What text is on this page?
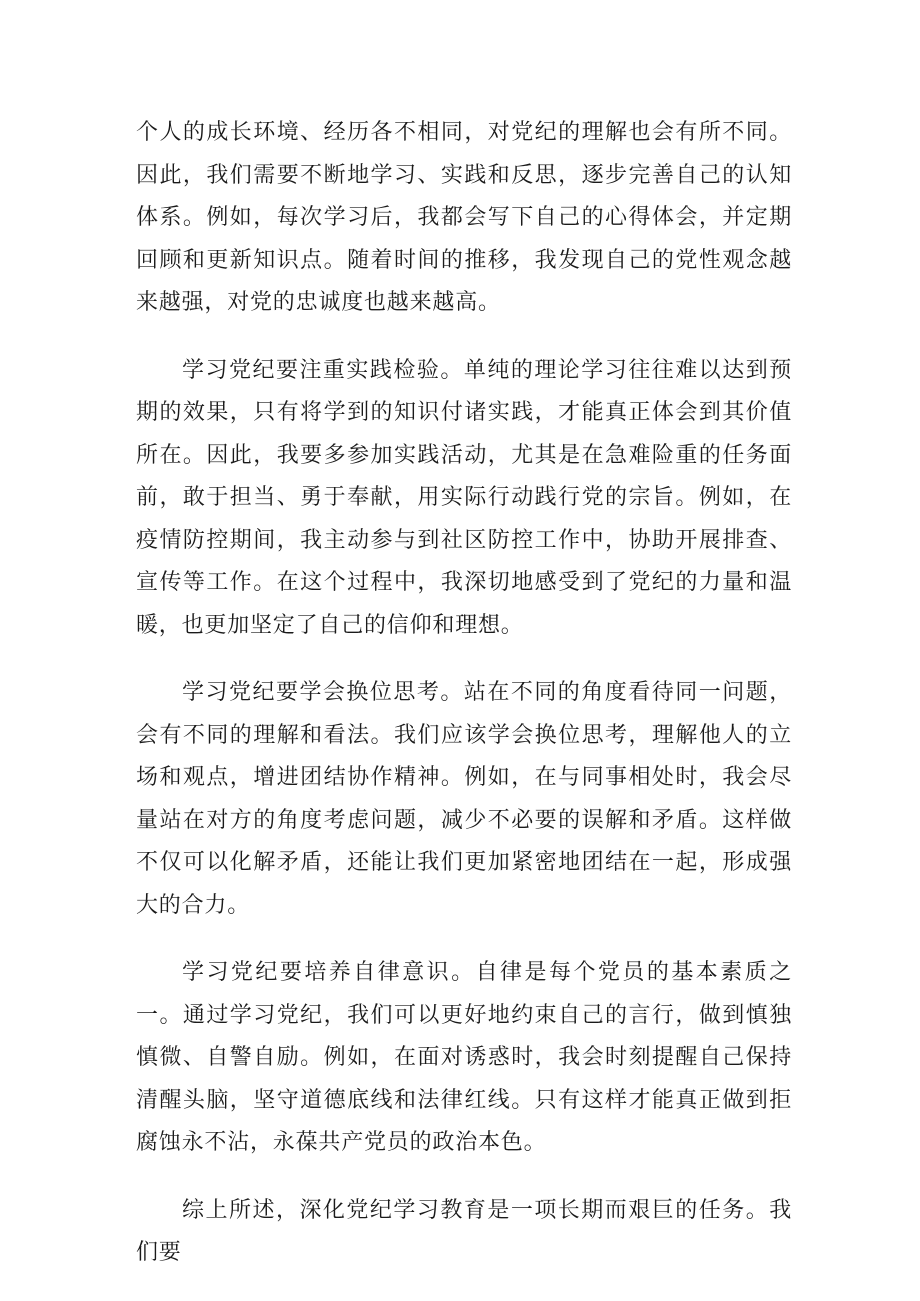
个人的成长环境、经历各不相同，对党纪的理解也会有所不同。因此，我们需要不断地学习、实践和反思，逐步完善自己的认知体系。例如，每次学习后，我都会写下自己的心得体会，并定期回顾和更新知识点。随着时间的推移，我发现自己的党性观念越来越强，对党的忠诚度也越来越高。

学习党纪要注重实践检验。单纯的理论学习往往难以达到预期的效果，只有将学到的知识付诸实践，才能真正体会到其价值所在。因此，我要多参加实践活动，尤其是在急难险重的任务面前，敢于担当、勇于奉献，用实际行动践行党的宗旨。例如，在疫情防控期间，我主动参与到社区防控工作中，协助开展排查、宣传等工作。在这个过程中，我深切地感受到了党纪的力量和温暖，也更加坚定了自己的信仰和理想。

学习党纪要学会换位思考。站在不同的角度看待同一问题，会有不同的理解和看法。我们应该学会换位思考，理解他人的立场和观点，增进团结协作精神。例如，在与同事相处时，我会尽量站在对方的角度考虑问题，减少不必要的误解和矛盾。这样做不仅可以化解矛盾，还能让我们更加紧密地团结在一起，形成强大的合力。

学习党纪要培养自律意识。自律是每个党员的基本素质之一。通过学习党纪，我们可以更好地约束自己的言行，做到慎独慎微、自警自励。例如，在面对诱惑时，我会时刻提醒自己保持清醒头脑，坚守道德底线和法律红线。只有这样才能真正做到拒腐蚀永不沾，永葆共产党员的政治本色。

综上所述，深化党纪学习教育是一项长期而艰巨的任务。我们要
